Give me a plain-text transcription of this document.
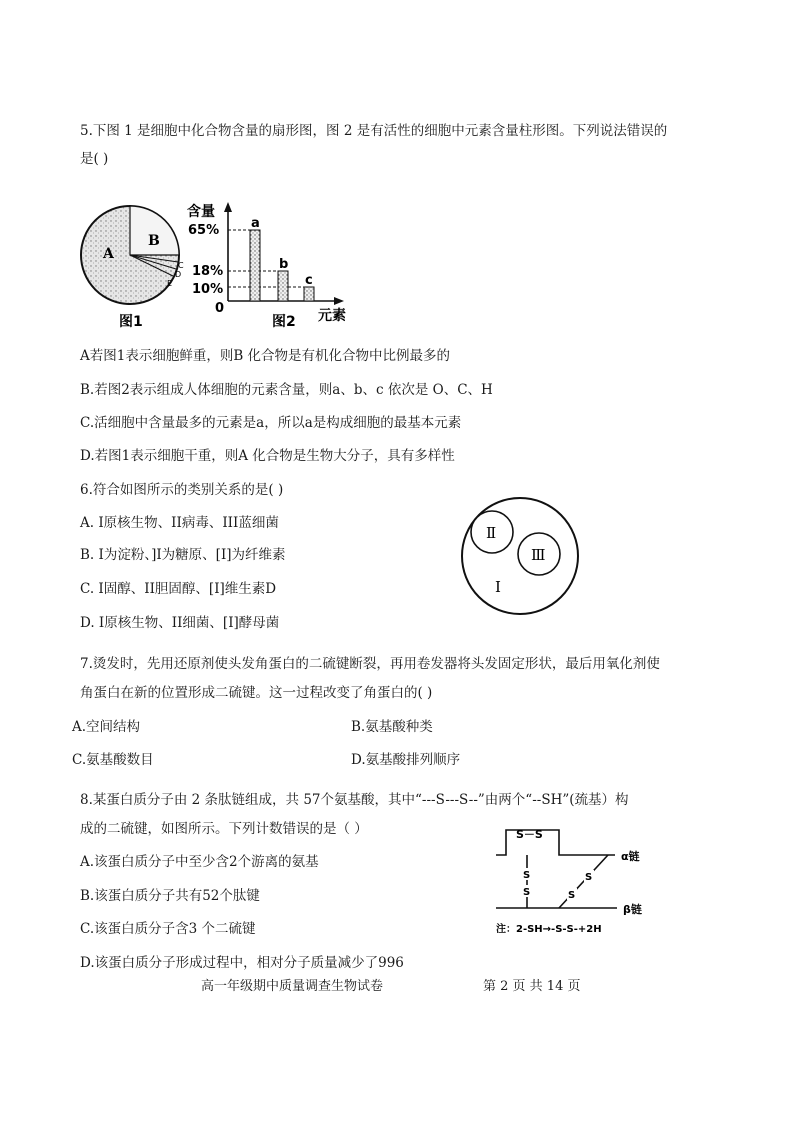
5.下图 1 是细胞中化合物含量的扇形图，图 2 是有活性的细胞中元素含量柱形图。下列说法错误的
是( )
A
B
C
D
E
图1
含量
65%
18%
10%
0
a
b
c
图2 元素
A若图1表示细胞鲜重，则B 化合物是有机化合物中比例最多的
B.若图2表示组成人体细胞的元素含量，则a、b、c 依次是 O、C、H
C.活细胞中含量最多的元素是a，所以a是构成细胞的最基本元素
D.若图1表示细胞干重，则A 化合物是生物大分子，具有多样性
6.符合如图所示的类别关系的是( )
A. I原核生物、II病毒、III蓝细菌
B. I为淀粉、]I为糖原、[I]为纤维素
C. I固醇、II胆固醇、[I]维生素D
D. I原核生物、II细菌、[I]酵母菌
Ⅱ
Ⅲ
I
7.烫发时，先用还原剂使头发角蛋白的二硫键断裂，再用卷发器将头发固定形状，最后用氧化剂使
角蛋白在新的位置形成二硫键。这一过程改变了角蛋白的( )
A.空间结构	B.氨基酸种类
C.氨基酸数目	D.氨基酸排列顺序
8.某蛋白质分子由 2 条肽链组成，共 57个氨基酸，其中“---S---S--”由两个“--SH”(巯基）构
成的二硫键，如图所示。下列计数错误的是（ ）
A.该蛋白质分子中至少含2个游离的氨基
B.该蛋白质分子共有52个肽键
C.该蛋白质分子含3 个二硫键
D.该蛋白质分子形成过程中，相对分子质量减少了996
S－S
α链
S
S	S
S
β链
注：2-SH→-S-S-+2H
高一年级期中质量调查生物试卷	第 2 页 共 14 页
